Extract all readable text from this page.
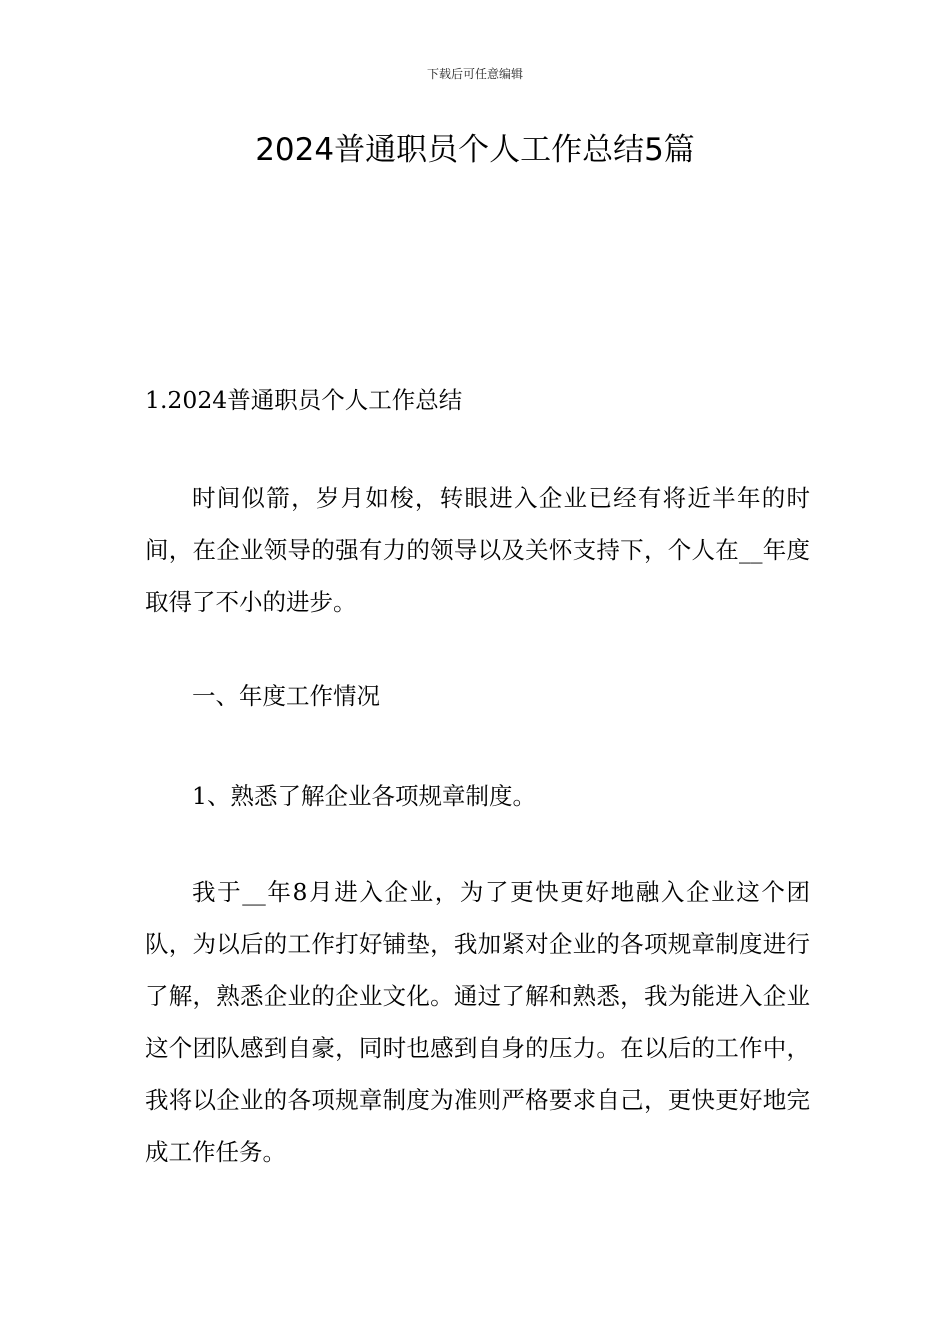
下载后可任意编辑
2024普通职员个人工作总结5篇

1.2024普通职员个人工作总结

时间似箭，岁月如梭，转眼进入企业已经有将近半年的时间，在企业领导的强有力的领导以及关怀支持下，个人在__年度取得了不小的进步。

一、年度工作情况

1、熟悉了解企业各项规章制度。

我于__年8月进入企业，为了更快更好地融入企业这个团队，为以后的工作打好铺垫，我加紧对企业的各项规章制度进行了解，熟悉企业的企业文化。通过了解和熟悉，我为能进入企业这个团队感到自豪，同时也感到自身的压力。在以后的工作中，我将以企业的各项规章制度为准则严格要求自己，更快更好地完成工作任务。
